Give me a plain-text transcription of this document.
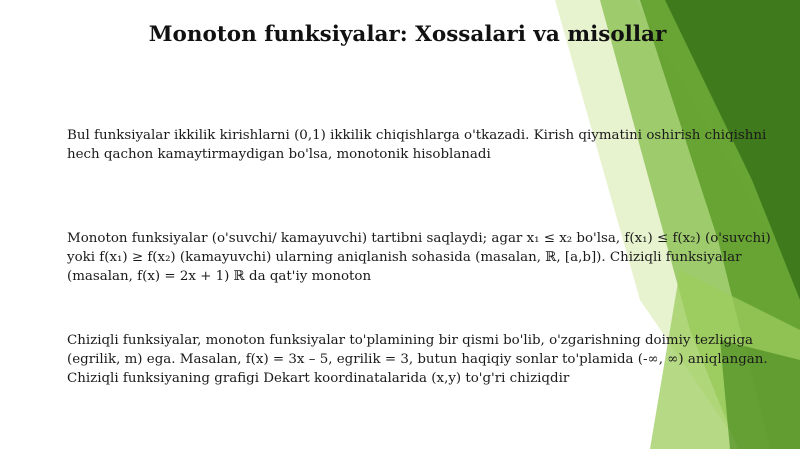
Monoton funksiyalar: Xossalari va misollar

Bul funksiyalar ikkilik kirishlarni (0,1) ikkilik chiqishlarga o'tkazadi. Kirish qiymatini oshirish chiqishni hech qachon kamaytirmaydigan bo'lsa, monotonik hisoblanadi

Monoton funksiyalar (o'suvchi/ kamayuvchi) tartibni saqlaydi; agar x₁ ≤ x₂ bo'lsa, f(x₁) ≤ f(x₂) (o'suvchi) yoki f(x₁) ≥ f(x₂) (kamayuvchi) ularning aniqlanish sohasida (masalan, ℝ, [a,b]). Chiziqli funksiyalar (masalan, f(x) = 2x + 1) ℝ da qat'iy monoton

Chiziqli funksiyalar, monoton funksiyalar to'plamining bir qismi bo'lib, o'zgarishning doimiy tezligiga (egrilik, m) ega. Masalan, f(x) = 3x – 5, egrilik = 3, butun haqiqiy sonlar to'plamida (-∞, ∞) aniqlangan. Chiziqli funksiyaning grafigi Dekart koordinatalarida (x,y) to'g'ri chiziqdir
